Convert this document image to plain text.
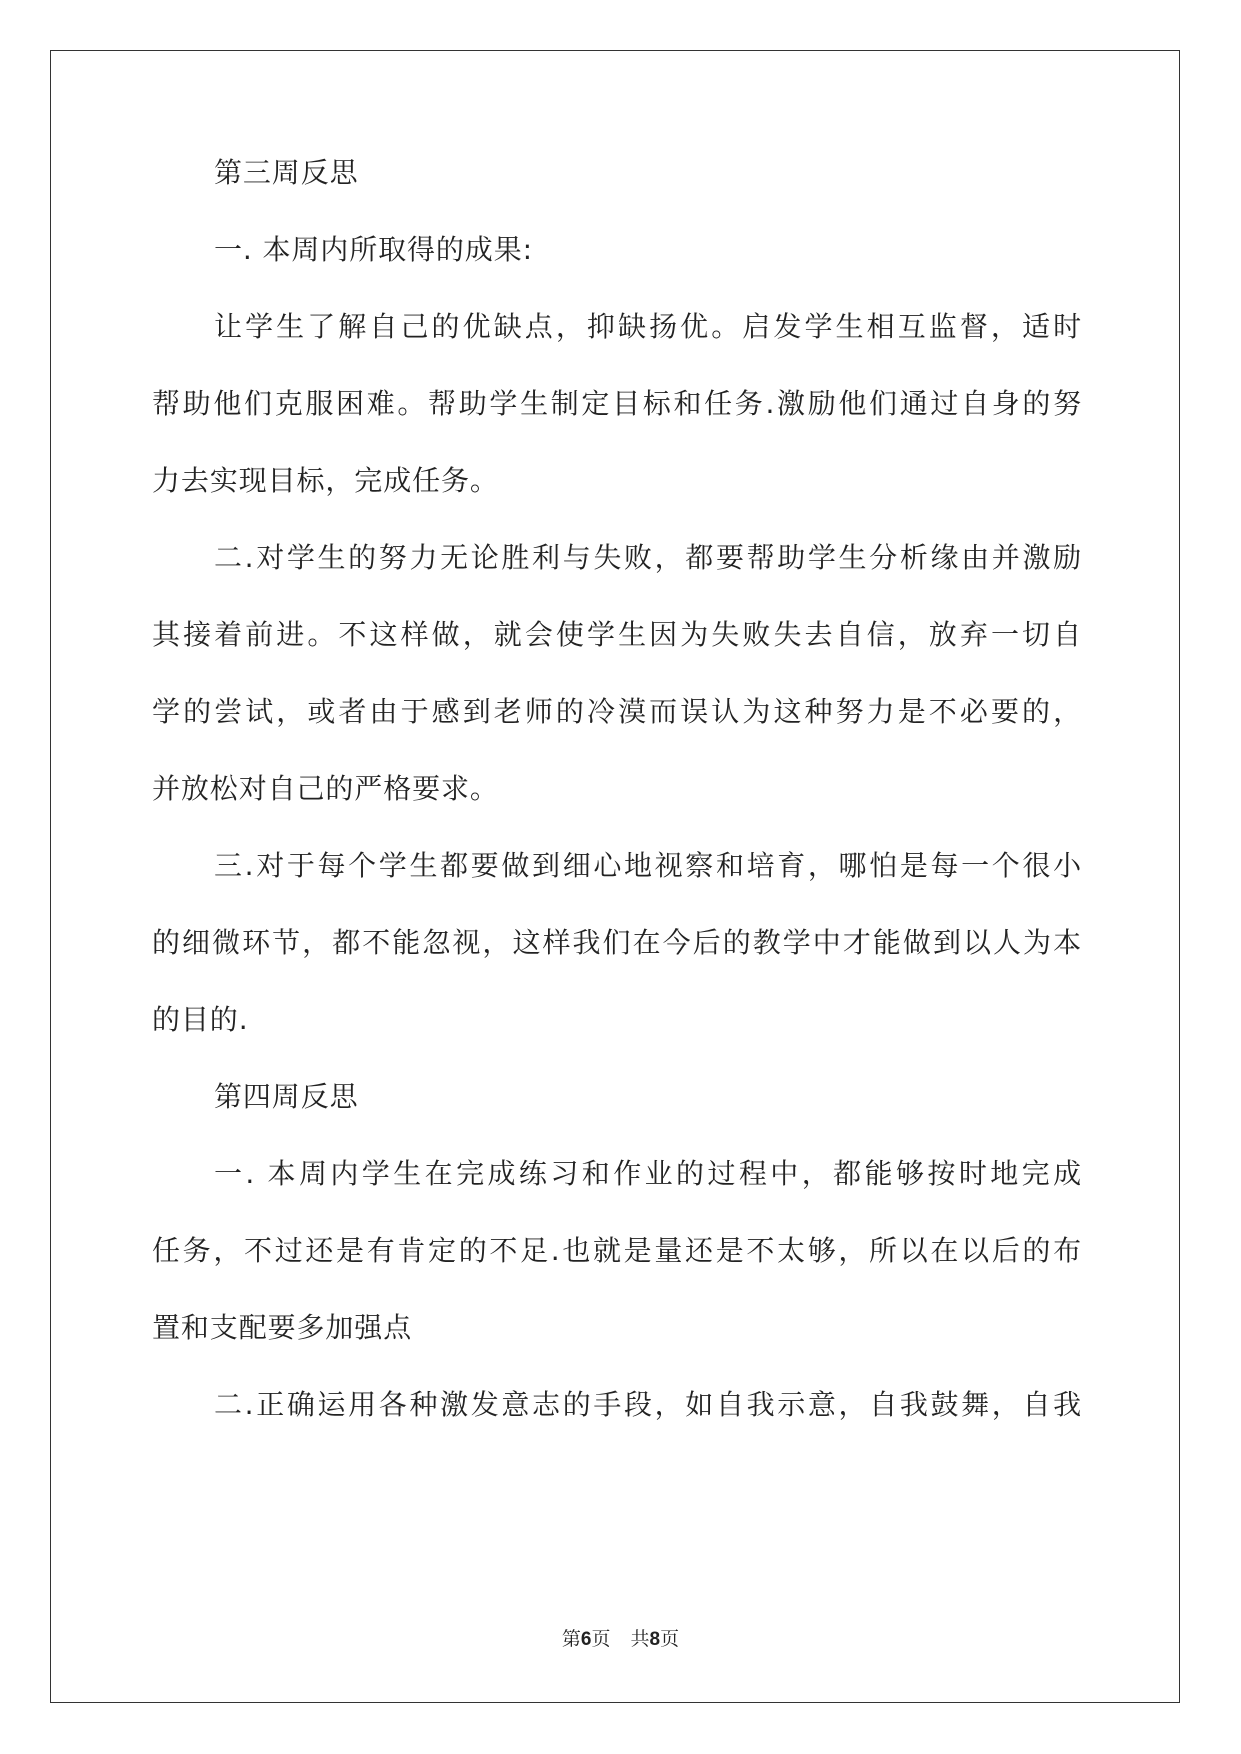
第三周反思
一. 本周内所取得的成果:
让学生了解自己的优缺点，抑缺扬优。启发学生相互监督，适时
帮助他们克服困难。帮助学生制定目标和任务.激励他们通过自身的努
力去实现目标，完成任务。
二.对学生的努力无论胜利与失败，都要帮助学生分析缘由并激励
其接着前进。不这样做，就会使学生因为失败失去自信，放弃一切自
学的尝试，或者由于感到老师的冷漠而误认为这种努力是不必要的，
并放松对自己的严格要求。
三.对于每个学生都要做到细心地视察和培育，哪怕是每一个很小
的细微环节，都不能忽视，这样我们在今后的教学中才能做到以人为本
的目的.
第四周反思
一. 本周内学生在完成练习和作业的过程中，都能够按时地完成
任务，不过还是有肯定的不足.也就是量还是不太够，所以在以后的布
置和支配要多加强点
二.正确运用各种激发意志的手段，如自我示意，自我鼓舞，自我
第6页 共8页
